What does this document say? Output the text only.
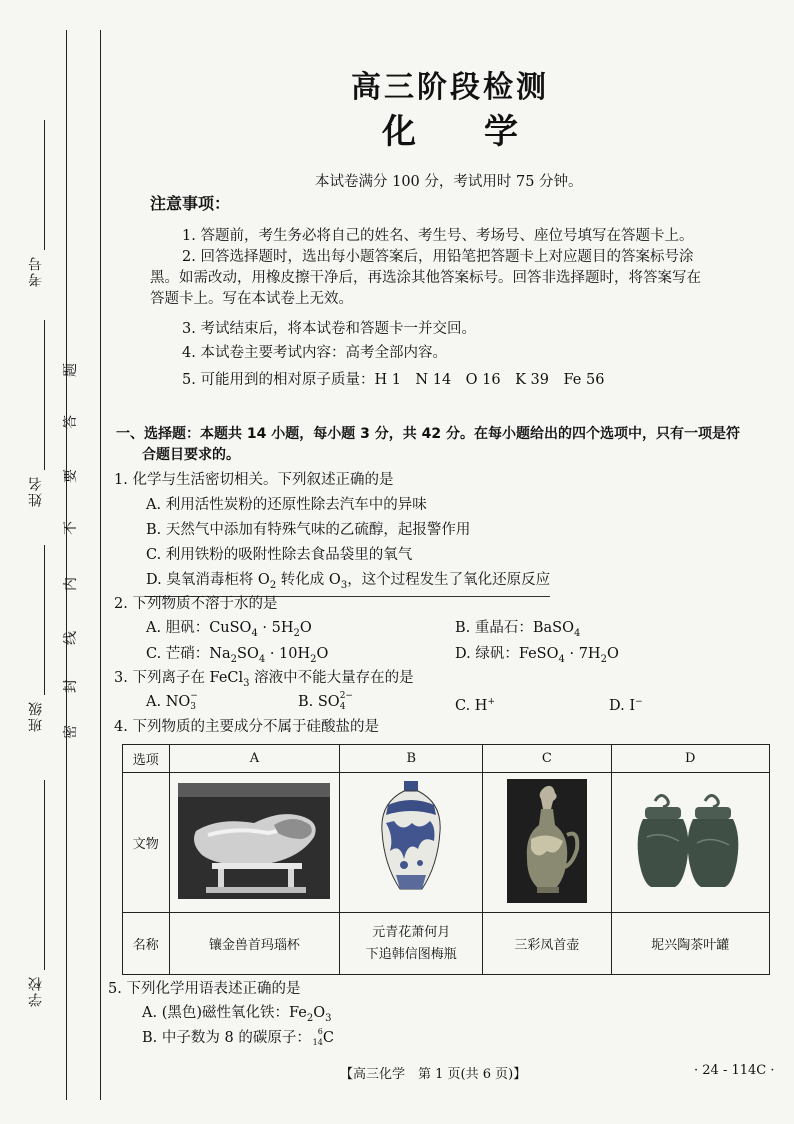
考号
姓名
班级
学校
密
封
线
内
不
要
答
题
高三阶段检测
化 学
本试卷满分 100 分，考试用时 75 分钟。
注意事项：
1. 答题前，考生务必将自己的姓名、考生号、考场号、座位号填写在答题卡上。
2. 回答选择题时，选出每小题答案后，用铅笔把答题卡上对应题目的答案标号涂
黑。如需改动，用橡皮擦干净后，再选涂其他答案标号。回答非选择题时，将答案写在
答题卡上。写在本试卷上无效。
3. 考试结束后，将本试卷和答题卡一并交回。
4. 本试卷主要考试内容：高考全部内容。
5. 可能用到的相对原子质量：H 1　N 14　O 16　K 39　Fe 56
一、选择题：本题共 14 小题，每小题 3 分，共 42 分。在每小题给出的四个选项中，只有一项是符
合题目要求的。
1. 化学与生活密切相关。下列叙述正确的是
A. 利用活性炭粉的还原性除去汽车中的异味
B. 天然气中添加有特殊气味的乙硫醇，起报警作用
C. 利用铁粉的吸附性除去食品袋里的氧气
D. 臭氧消毒柜将 $O_2$ 转化成 $O_3$，这个过程发生了氧化还原反应
2. 下列物质不溶于水的是
A. 胆矾：CuSO$_4$ · $5H_2O$	B. 重晶石：BaSO$_4$
C. 芒硝：$Na_2SO_4 \cdot 10H_2O$	D. 绿矾：FeSO$_4$ · $7H_2O$
3. 下列离子在 FeCl$_3$ 溶液中不能大量存在的是
A. NO −
3	B. SO 2−
4	C. H+	D. I−
4. 下列物质的主要成分不属于硅酸盐的是
选项	A	B	C	D
文物				
名称	镶金兽首玛瑙杯	元青花萧何月
下追韩信图梅瓶	三彩凤首壶	坭兴陶茶叶罐
5. 下列化学用语表述正确的是
A. (黑色)磁性氧化铁：$Fe_2O_3$
B. 中子数为 8 的碳原子： 6
14 C
【高三化学　第 1 页(共 6 页)】	· 24 - 114C ·
